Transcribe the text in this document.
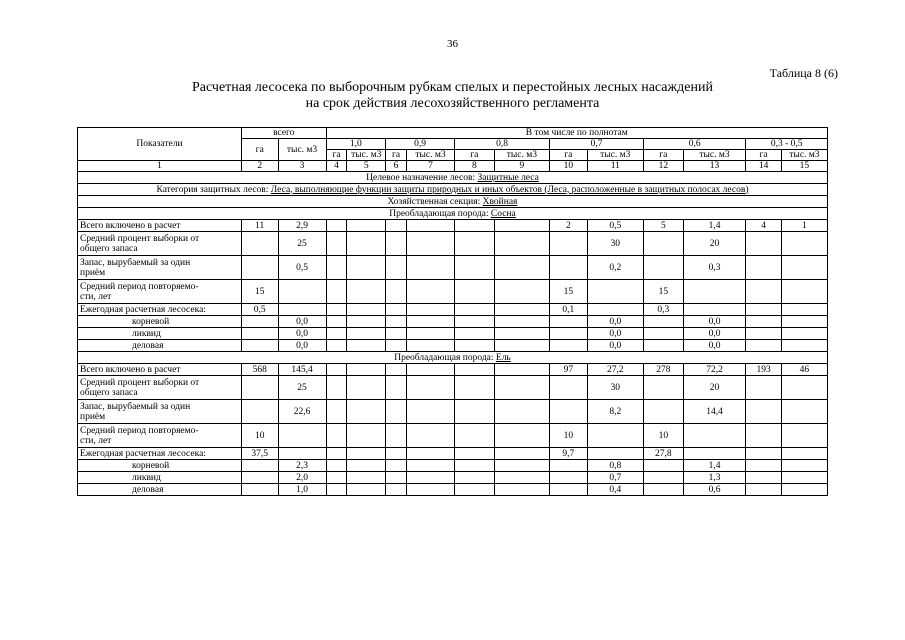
36
Таблица 8 (6)
Расчетная лесосека по выборочным рубкам спелых и перестойных лесных насаждений
на срок действия лесохозяйственного регламента
Показатели	всего		В том числе по полнотам											
	га	тыс. м3	1,0		0,9		0,8		0,7		0,6		0,3 - 0,5	
			га	тыс. м3	га	тыс. м3	га	тыс. м3	га	тыс. м3	га	тыс. м3	га	тыс. м3
1	2	3	4	5	6	7	8	9	10	11	12	13	14	15
Целевое назначение лесов: Защитные леса														
Категория защитных лесов: Леса, выполняющие функции защиты природных и иных объектов (Леса, расположенные в защитных полосах лесов)														
Хозяйственная секция: Хвойная														
Преобладающая порода: Сосна														

Всего включено в расчет	11	2,9							2	0,5	5	1,4	4	1

Средний процент выборки от
общего запаса		25								30		20		

Запас, вырубаемый за один
приём		0,5								0,2		0,3		

Средний период повторяемо-
сти, лет	15								15		15			

Ежегодная расчетная лесосека:	0,5								0,1		0,3			

корневой		0,0								0,0		0,0		

ликвид		0,0								0,0		0,0		

деловая		0,0								0,0		0,0		
Преобладающая порода: Ель														

Всего включено в расчет	568	145,4							97	27,2	278	72,2	193	46

Средний процент выборки от
общего запаса		25								30		20		

Запас, вырубаемый за один
приём		22,6								8,2		14,4		

Средний период повторяемо-
сти, лет	10								10		10			

Ежегодная расчетная лесосека:	37,5								9,7		27,8			

корневой		2,3								0,8		1,4		

ликвид		2,0								0,7		1,3		

деловая		1,0								0,4		0,6		
